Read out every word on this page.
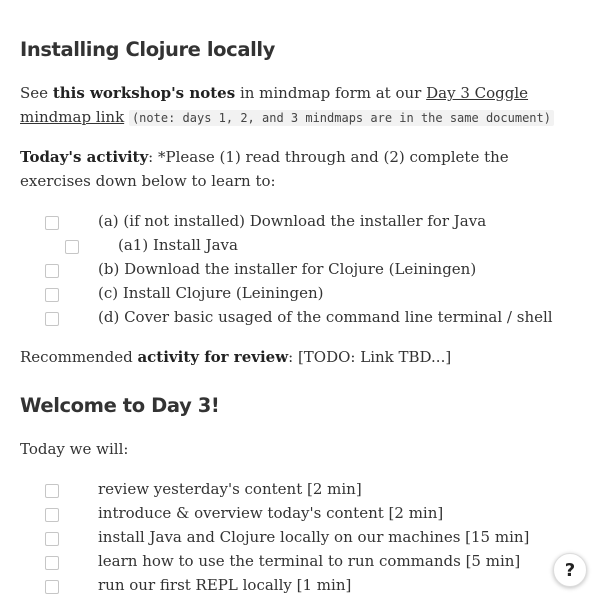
Installing Clojure locally

See this workshop's notes in mindmap form at our Day 3 Coggle mindmap link (note: days 1, 2, and 3 mindmaps are in the same document)

Today's activity: *Please (1) read through and (2) complete the exercises down below to learn to:

(a) (if not installed) Download the installer for Java
(a1) Install Java
(b) Download the installer for Clojure (Leiningen)
(c) Install Clojure (Leiningen)
(d) Cover basic usaged of the command line terminal / shell

Recommended activity for review: [TODO: Link TBD...]

Welcome to Day 3!

Today we will:

review yesterday's content [2 min]
introduce & overview today's content [2 min]
install Java and Clojure locally on our machines [15 min]
learn how to use the terminal to run commands [5 min]
run our first REPL locally [1 min]
?
